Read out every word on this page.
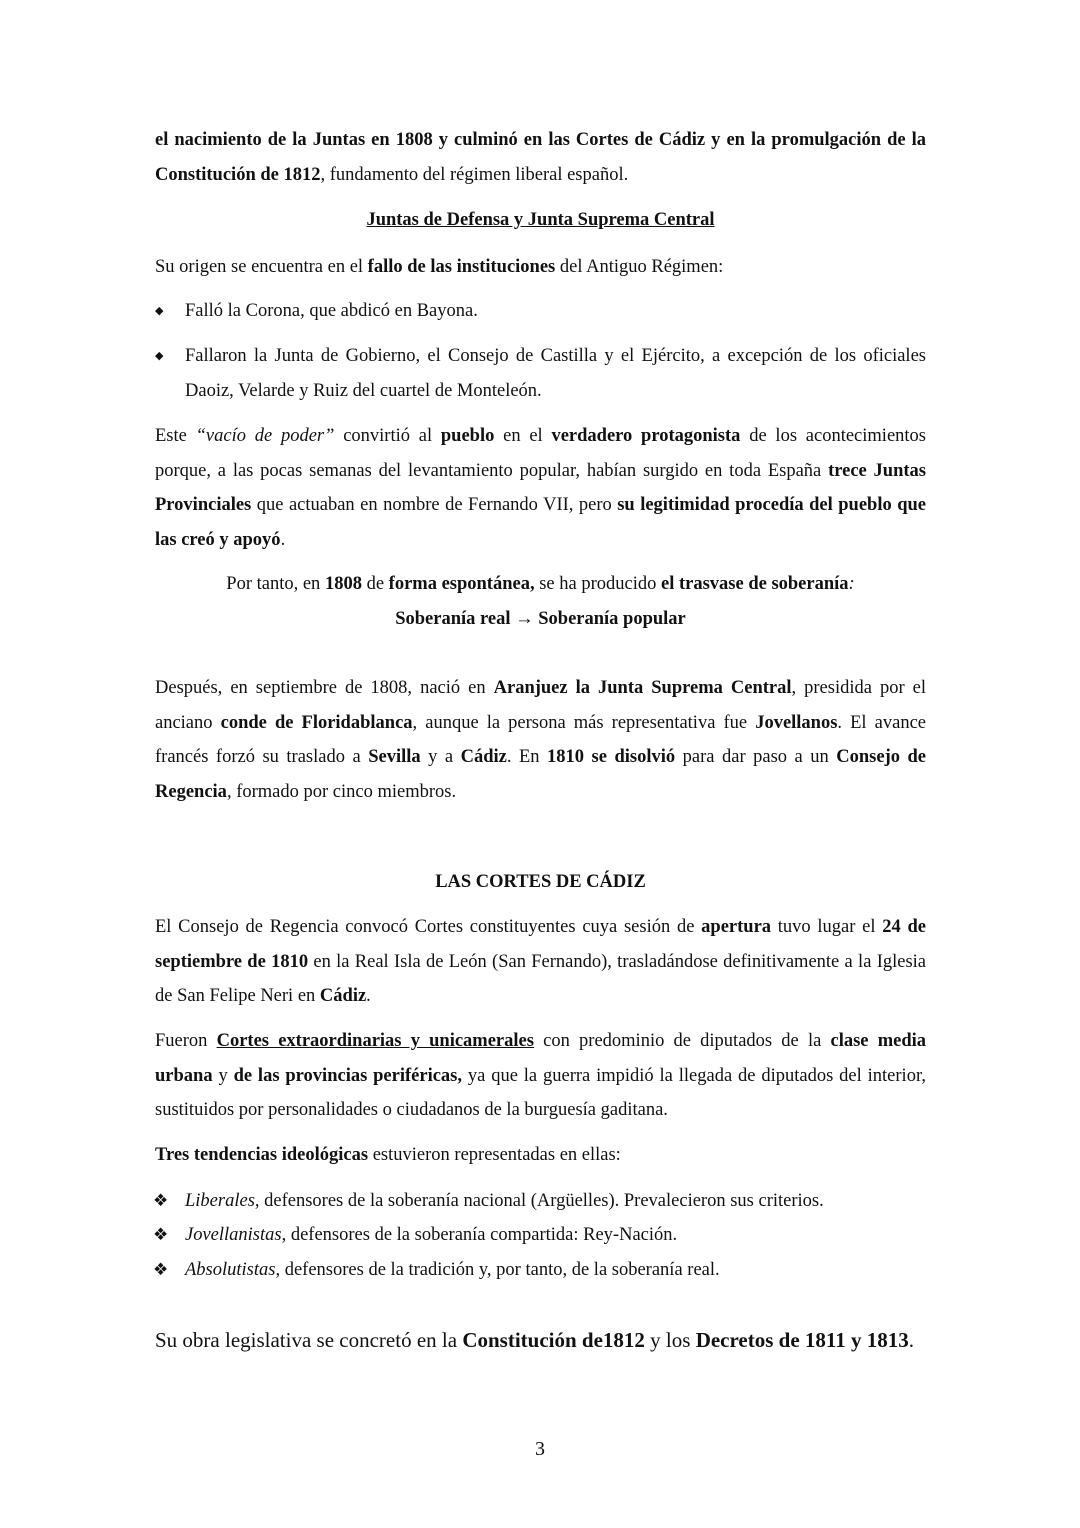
el nacimiento de la Juntas en 1808 y culminó en las Cortes de Cádiz y en la promulgación de la Constitución de 1812, fundamento del régimen liberal español.

Juntas de Defensa y Junta Suprema Central

Su origen se encuentra en el fallo de las instituciones del Antiguo Régimen:

◆ Falló la Corona, que abdicó en Bayona.

◆ Fallaron la Junta de Gobierno, el Consejo de Castilla y el Ejército, a excepción de los oficiales Daoiz, Velarde y Ruiz del cuartel de Monteleón.

Este “vacío de poder” convirtió al pueblo en el verdadero protagonista de los acontecimientos porque, a las pocas semanas del levantamiento popular, habían surgido en toda España trece Juntas Provinciales que actuaban en nombre de Fernando VII, pero su legitimidad procedía del pueblo que las creó y apoyó.

Por tanto, en 1808 de forma espontánea, se ha producido el trasvase de soberanía:

Soberanía real → Soberanía popular

Después, en septiembre de 1808, nació en Aranjuez la Junta Suprema Central, presidida por el anciano conde de Floridablanca, aunque la persona más representativa fue Jovellanos. El avance francés forzó su traslado a Sevilla y a Cádiz. En 1810 se disolvió para dar paso a un Consejo de Regencia, formado por cinco miembros.

LAS CORTES DE CÁDIZ

El Consejo de Regencia convocó Cortes constituyentes cuya sesión de apertura tuvo lugar el 24 de septiembre de 1810 en la Real Isla de León (San Fernando), trasladándose definitivamente a la Iglesia de San Felipe Neri en Cádiz.

Fueron Cortes extraordinarias y unicamerales con predominio de diputados de la clase media urbana y de las provincias periféricas, ya que la guerra impidió la llegada de diputados del interior, sustituidos por personalidades o ciudadanos de la burguesía gaditana.

Tres tendencias ideológicas estuvieron representadas en ellas:

❖ Liberales, defensores de la soberanía nacional (Argüelles). Prevalecieron sus criterios.

❖ Jovellanistas, defensores de la soberanía compartida: Rey-Nación.

❖ Absolutistas, defensores de la tradición y, por tanto, de la soberanía real.

Su obra legislativa se concretó en la Constitución de1812 y los Decretos de 1811 y 1813.

3
